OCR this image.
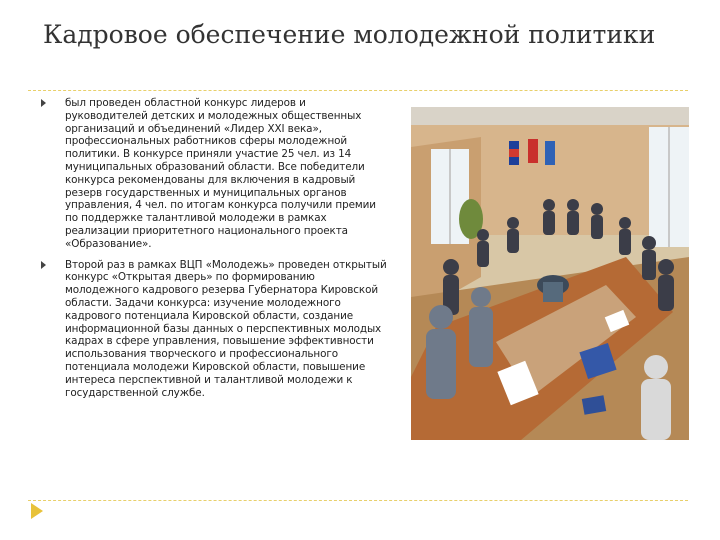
Кадровое обеспечение молодежной политики

был проведен областной конкурс лидеров и руководителей детских и молодежных общественных организаций и объединений «Лидер XXI века», профессиональных работников сферы молодежной политики. В конкурсе приняли участие 25 чел. из 14 муниципальных образований области. Все победители конкурса рекомендованы для включения в кадровый резерв государственных и муниципальных органов управления, 4 чел. по итогам конкурса получили премии по поддержке талантливой молодежи в рамках реализации приоритетного национального проекта «Образование».

Второй раз в рамках ВЦП «Молодежь» проведен открытый конкурс «Открытая дверь» по формированию молодежного кадрового резерва Губернатора Кировской области. Задачи конкурса: изучение молодежного кадрового потенциала Кировской области, создание информационной базы данных о перспективных молодых кадрах в сфере управления, повышение эффективности использования творческого и профессионального потенциала молодежи Кировской области, повышение интереса перспективной и талантливой молодежи к государственной службе.
